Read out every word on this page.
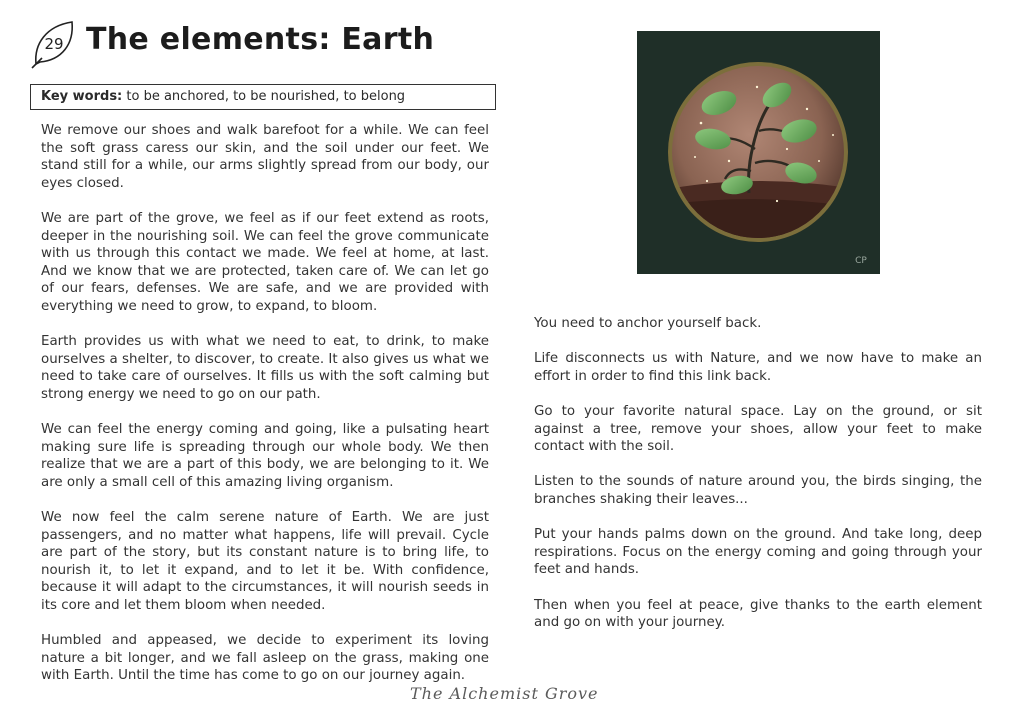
29 The elements: Earth
Key words: to be anchored, to be nourished, to belong

We remove our shoes and walk barefoot for a while. We can feel the soft grass caress our skin, and the soil under our feet. We stand still for a while, our arms slightly spread from our body, our eyes closed.

We are part of the grove, we feel as if our feet extend as roots, deeper in the nourishing soil. We can feel the grove communicate with us through this contact we made. We feel at home, at last. And we know that we are protected, taken care of. We can let go of our fears, defenses. We are safe, and we are provided with everything we need to grow, to expand, to bloom.

Earth provides us with what we need to eat, to drink, to make ourselves a shelter, to discover, to create. It also gives us what we need to take care of ourselves. It fills us with the soft calming but strong energy we need to go on our path.

We can feel the energy coming and going, like a pulsating heart making sure life is spreading through our whole body. We then realize that we are a part of this body, we are belonging to it. We are only a small cell of this amazing living organism.

We now feel the calm serene nature of Earth. We are just passengers, and no matter what happens, life will prevail. Cycle are part of the story, but its constant nature is to bring life, to nourish it, to let it expand, and to let it be. With confidence, because it will adapt to the circumstances, it will nourish seeds in its core and let them bloom when needed.

Humbled and appeased, we decide to experiment its loving nature a bit longer, and we fall asleep on the grass, making one with Earth. Until the time has come to go on our journey again.

CP

You need to anchor yourself back.

Life disconnects us with Nature, and we now have to make an effort in order to find this link back.

Go to your favorite natural space. Lay on the ground, or sit against a tree, remove your shoes, allow your feet to make contact with the soil.

Listen to the sounds of nature around you, the birds singing, the branches shaking their leaves...

Put your hands palms down on the ground. And take long, deep respirations. Focus on the energy coming and going through your feet and hands.

Then when you feel at peace, give thanks to the earth element and go on with your journey.

The Alchemist Grove
